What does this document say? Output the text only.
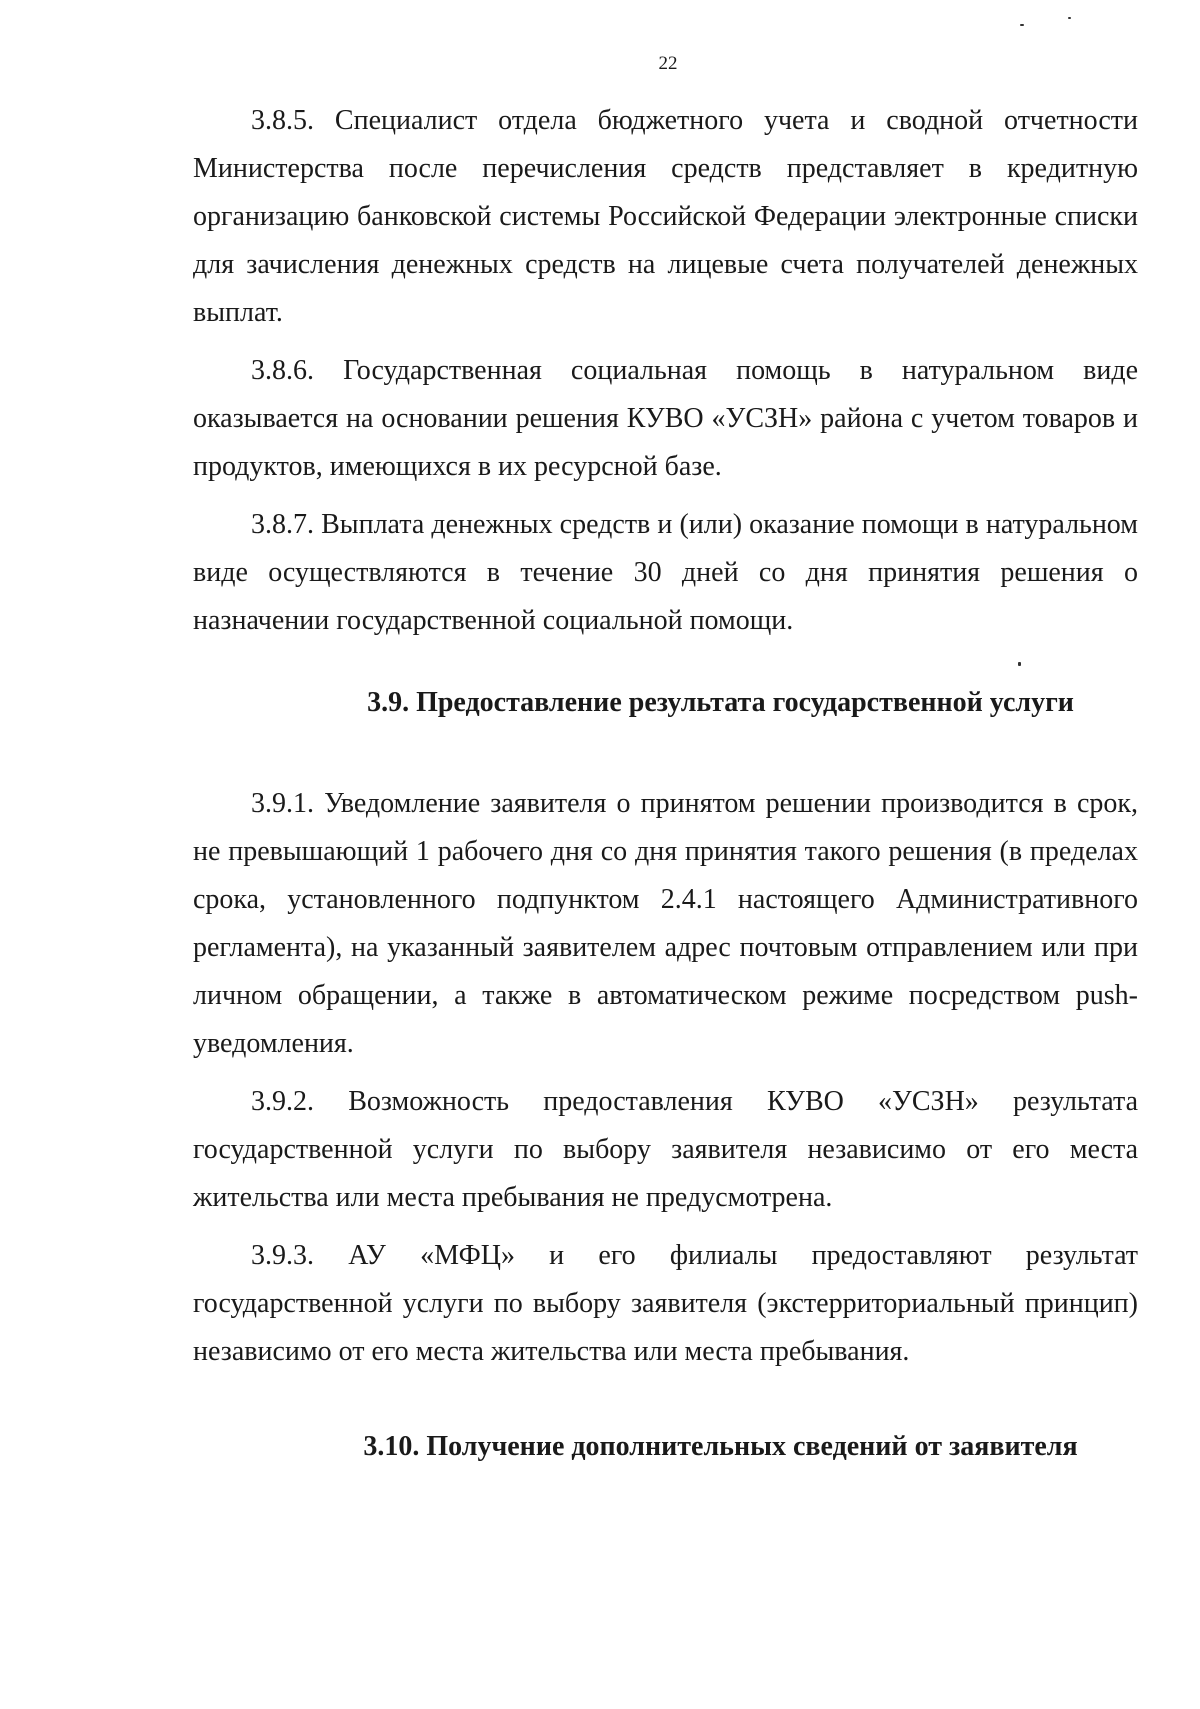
22

3.8.5. Специалист отдела бюджетного учета и сводной отчетности Министерства после перечисления средств представляет в кредитную организацию банковской системы Российской Федерации электронные списки для зачисления денежных средств на лицевые счета получателей денежных выплат.

3.8.6. Государственная социальная помощь в натуральном виде оказывается на основании решения КУВО «УСЗН» района с учетом товаров и продуктов, имеющихся в их ресурсной базе.

3.8.7. Выплата денежных средств и (или) оказание помощи в натуральном виде осуществляются в течение 30 дней со дня принятия решения о назначении государственной социальной помощи.

3.9. Предоставление результата государственной услуги

3.9.1. Уведомление заявителя о принятом решении производится в срок, не превышающий 1 рабочего дня со дня принятия такого решения (в пределах срока, установленного подпунктом 2.4.1 настоящего Административного регламента), на указанный заявителем адрес почтовым отправлением или при личном обращении, а также в автоматическом режиме посредством push-уведомления.

3.9.2. Возможность предоставления КУВО «УСЗН» результата государственной услуги по выбору заявителя независимо от его места жительства или места пребывания не предусмотрена.

3.9.3. АУ «МФЦ» и его филиалы предоставляют результат государственной услуги по выбору заявителя (экстерриториальный принцип) независимо от его места жительства или места пребывания.

3.10. Получение дополнительных сведений от заявителя
